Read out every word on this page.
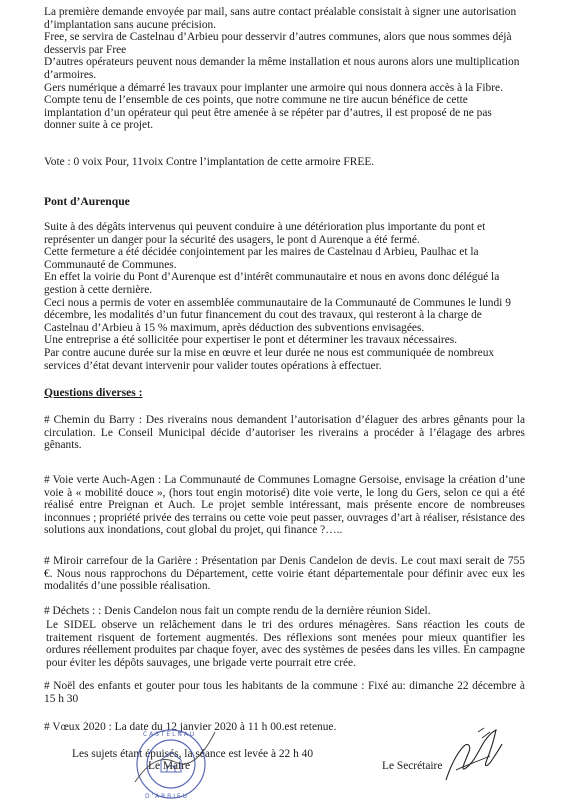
La première demande envoyée par mail, sans autre contact préalable consistait à signer une autorisation d’implantation sans aucune précision.

Free, se servira de Castelnau d’Arbieu pour desservir d’autres communes, alors que nous sommes déjà desservis par Free

D’autres opérateurs peuvent nous demander la même installation et nous aurons alors une multiplication d’armoires.

Gers numérique a démarré les travaux pour implanter une armoire qui nous donnera accès à la Fibre.

Compte tenu de l’ensemble de ces points, que notre commune ne tire aucun bénéfice de cette implantation d’un opérateur qui peut être amenée à se répéter par d’autres, il est proposé de ne pas donner suite à ce projet.

Vote : 0 voix Pour, 11voix Contre l’implantation de cette armoire FREE.
Pont d’Aurenque

Suite à des dégâts intervenus qui peuvent conduire à une détérioration plus importante du pont et représenter un danger pour la sécurité des usagers, le pont d Aurenque a été fermé.

Cette fermeture a été décidée conjointement par les maires de Castelnau d Arbieu, Paulhac et la Communauté de Communes.

En effet la voirie du Pont d’Aurenque est d’intérêt communautaire et nous en avons donc délégué la gestion à cette dernière.

Ceci nous a permis de voter en assemblée communautaire de la Communauté de Communes le lundi 9 décembre, les modalités d’un futur financement du cout des travaux, qui resteront à la charge de Castelnau d’Arbieu à 15 % maximum, après déduction des subventions envisagées.

Une entreprise a été sollicitée pour expertiser le pont et déterminer les travaux nécessaires.

Par contre aucune durée sur la mise en œuvre et leur durée ne nous est communiquée de nombreux services d’état devant intervenir pour valider toutes opérations à effectuer.

Questions diverses :

# Chemin du Barry : Des riverains nous demandent l’autorisation d’élaguer des arbres gênants pour la circulation. Le Conseil Municipal décide d’autoriser les riverains a procéder à l’élagage des arbres gênants.

# Voie verte Auch-Agen : La Communauté de Communes Lomagne Gersoise, envisage la création d’une voie à « mobilité douce », (hors tout engin motorisé) dite voie verte, le long du Gers, selon ce qui a été réalisé entre Preignan et Auch. Le projet semble intéressant, mais présente encore de nombreuses inconnues ; propriété privée des terrains ou cette voie peut passer, ouvrages d’art à réaliser, résistance des solutions aux inondations, cout global du projet, qui finance ?…..

# Miroir carrefour de la Garière : Présentation par Denis Candelon de devis. Le cout maxi serait de 755 €. Nous nous rapprochons du Département, cette voirie étant départementale pour définir avec eux les modalités d’une possible réalisation.

# Déchets : : Denis Candelon nous fait un compte rendu de la dernière réunion Sidel.

Le SIDEL observe un relâchement dans le tri des ordures ménagères. Sans réaction les couts de traitement risquent de fortement augmentés. Des réflexions sont menées pour mieux quantifier les ordures réellement produites par chaque foyer, avec des systèmes de pesées dans les villes. En campagne pour éviter les dépôts sauvages, une brigade verte pourrait etre crée.

# Noël des enfants et gouter pour tous les habitants de la commune : Fixé au: dimanche 22 décembre à 15 h 30

# Vœux 2020 : La date du 12 janvier 2020 à 11 h 00.est retenue.
Les sujets étant épuisés, la séance est levée à 22 h 40
C A S T E L N A U
D ' A R B I E U
Le Maire	Le Secrétaire
